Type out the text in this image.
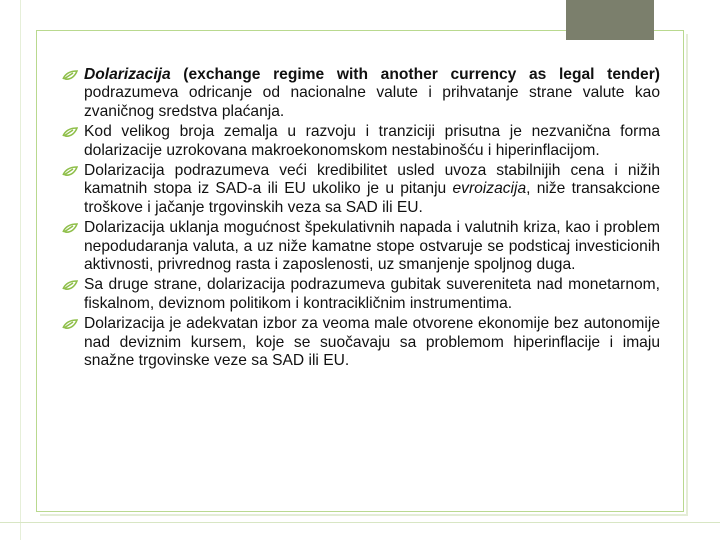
Dolarizacija (exchange regime with another currency as legal tender) podrazumeva odricanje od nacionalne valute i prihvatanje strane valute kao zvaničnog sredstva plaćanja.
Kod velikog broja zemalja u razvoju i tranziciji prisutna je nezvanična forma dolarizacije uzrokovana makroekonomskom nestabinošću i hiperinflacijom.
Dolarizacija podrazumeva veći kredibilitet usled uvoza stabilnijih cena i nižih kamatnih stopa iz SAD-a ili EU ukoliko je u pitanju evroizacija, niže transakcione troškove i jačanje trgovinskih veza sa SAD ili EU.
Dolarizacija uklanja mogućnost špekulativnih napada i valutnih kriza, kao i problem nepodudaranja valuta, a uz niže kamatne stope ostvaruje se podsticaj investicionih aktivnosti, privrednog rasta i zaposlenosti, uz smanjenje spoljnog duga.
Sa druge strane, dolarizacija podrazumeva gubitak suvereniteta nad monetarnom, fiskalnom, deviznom politikom i kontracikličnim instrumentima.
Dolarizacija je adekvatan izbor za veoma male otvorene ekonomije bez autonomije nad deviznim kursem, koje se suočavaju sa problemom hiperinflacije i imaju snažne trgovinske veze sa SAD ili EU.
